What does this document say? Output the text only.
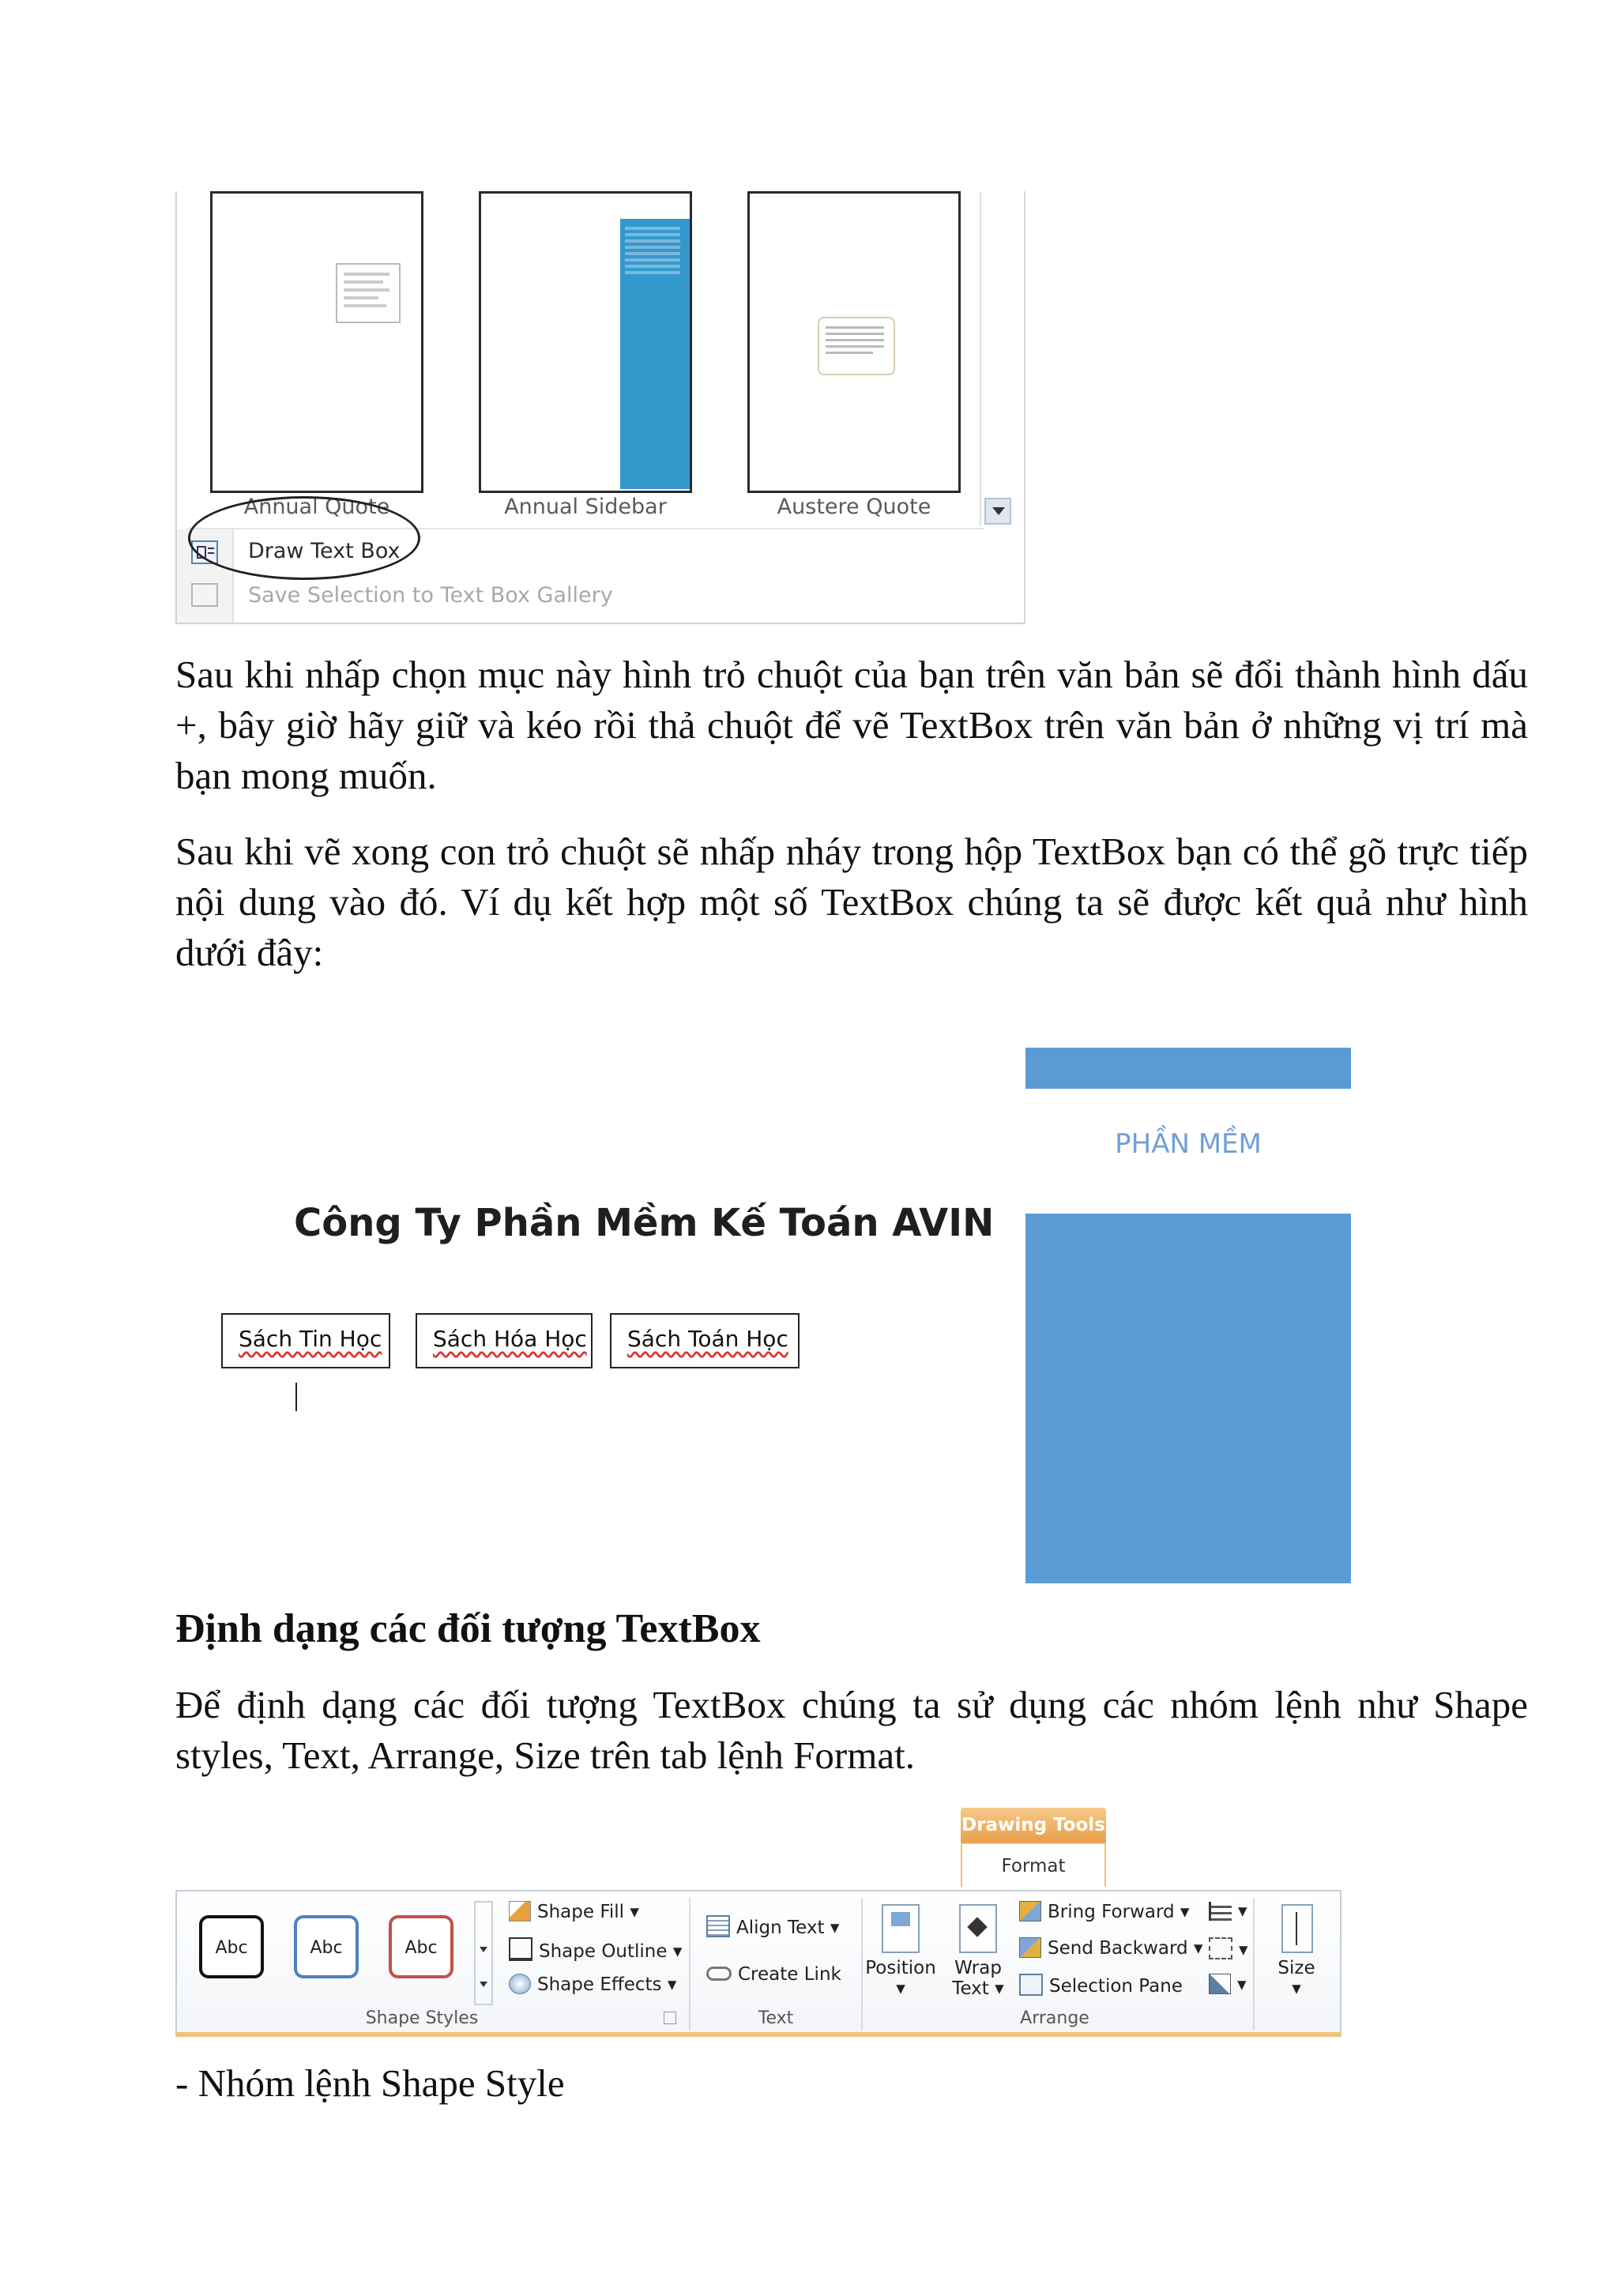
Annual Quote	Annual Sidebar	Austere Quote
Draw Text Box
Save Selection to Text Box Gallery
Sau khi nhấp chọn mục này hình trỏ chuột của bạn trên văn bản sẽ đổi thành hình dấu +, bây giờ hãy giữ và kéo rồi thả chuột để vẽ TextBox trên văn bản ở những vị trí mà bạn mong muốn.
Sau khi vẽ xong con trỏ chuột sẽ nhấp nháy trong hộp TextBox bạn có thể gõ trực tiếp nội dung vào đó. Ví dụ kết hợp một số TextBox chúng ta sẽ được kết quả như hình dưới đây:
PHẦN MỀM
Công Ty Phần Mềm Kế Toán AVIN
Sách Tin Học	Sách Hóa Học	Sách Toán Học
Định dạng các đối tượng TextBox
Để định dạng các đối tượng TextBox chúng ta sử dụng các nhóm lệnh như Shape styles, Text, Arrange, Size trên tab lệnh Format.
Drawing Tools
Format
Abc	Abc	Abc
Shape Fill ▾
Shape Outline ▾
Shape Effects ▾
Shape Styles
Align Text ▾
Create Link
Text
Position
▾
Wrap
Text ▾
Bring Forward ▾
Send Backward ▾
Selection Pane
▾
▾
▾
Arrange
Size
▾
- Nhóm lệnh Shape Style
